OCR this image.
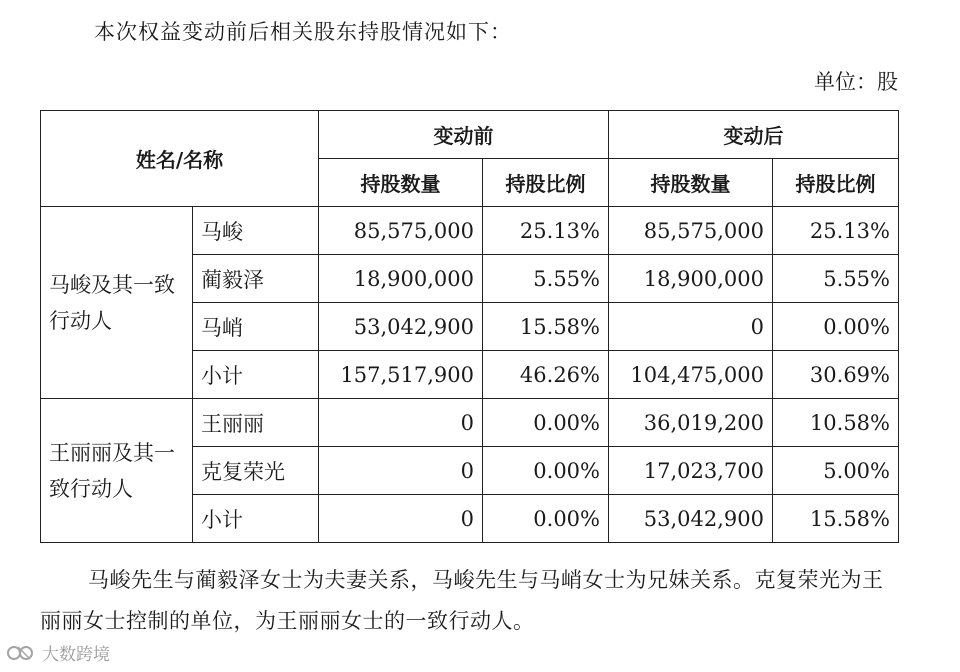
本次权益变动前后相关股东持股情况如下：
单位：股
姓名/名称		变动前		变动后	
		持股数量	持股比例	持股数量	持股比例
马峻及其一致行动人	马峻	85,575,000	25.13%	85,575,000	25.13%
	蔺毅泽	18,900,000	5.55%	18,900,000	5.55%
	马峭	53,042,900	15.58%	0	0.00%
	小计	157,517,900	46.26%	104,475,000	30.69%
王丽丽及其一致行动人	王丽丽	0	0.00%	36,019,200	10.58%
	克复荣光	0	0.00%	17,023,700	5.00%
	小计	0	0.00%	53,042,900	15.58%
马峻先生与蔺毅泽女士为夫妻关系，马峻先生与马峭女士为兄妹关系。克复荣光为王丽丽女士控制的单位，为王丽丽女士的一致行动人。
大数跨境
